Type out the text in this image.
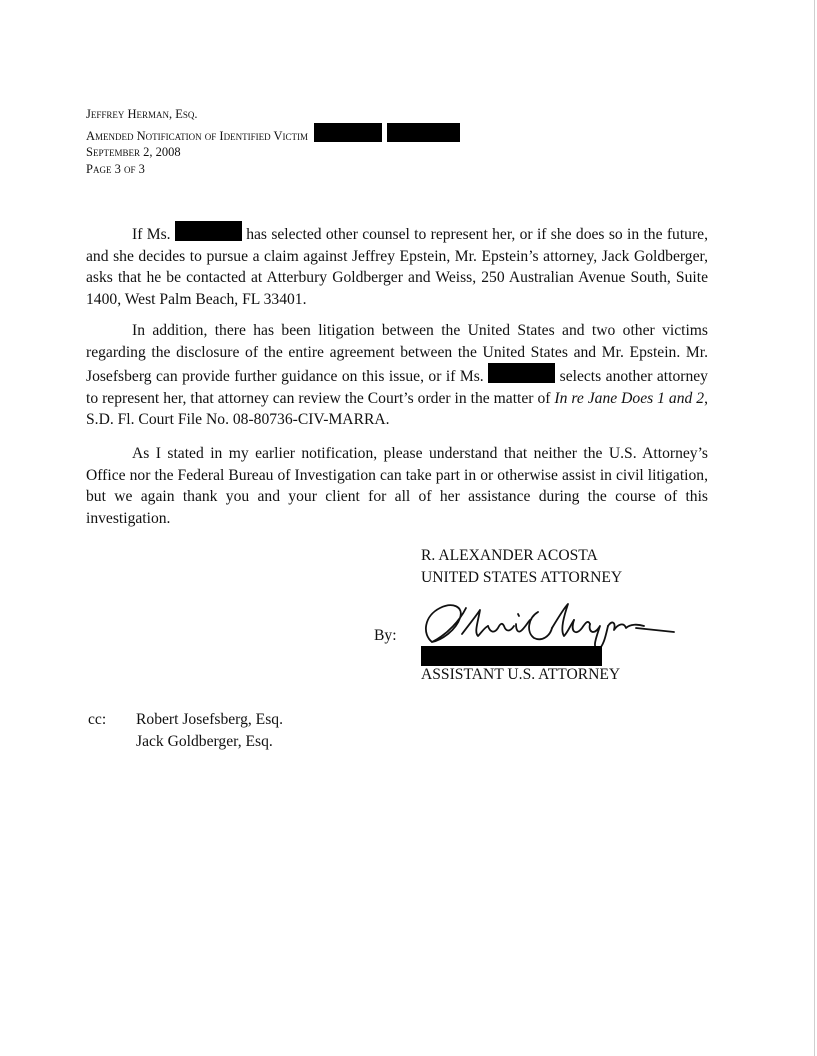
Jeffrey Herman, Esq.
Amended Notification of Identified Victim
September 2, 2008
Page 3 of 3
If Ms.	has selected other counsel to represent her, or if she does so in the future, and she decides to pursue a claim against Jeffrey Epstein, Mr. Epstein’s attorney, Jack Goldberger, asks that he be contacted at Atterbury Goldberger and Weiss, 250 Australian Avenue South, Suite 1400, West Palm Beach, FL 33401.
In addition, there has been litigation between the United States and two other victims regarding the disclosure of the entire agreement between the United States and Mr. Epstein. Mr. Josefsberg can provide further guidance on this issue, or if Ms.	selects another attorney to represent her, that attorney can review the Court’s order in the matter of In re Jane Does 1 and 2, S.D. Fl. Court File No. 08-80736-CIV-MARRA.
As I stated in my earlier notification, please understand that neither the U.S. Attorney’s Office nor the Federal Bureau of Investigation can take part in or otherwise assist in civil litigation, but we again thank you and your client for all of her assistance during the course of this investigation.
R. ALEXANDER ACOSTA
UNITED STATES ATTORNEY
By:
ASSISTANT U.S. ATTORNEY
cc: Robert Josefsberg, Esq.
Jack Goldberger, Esq.
